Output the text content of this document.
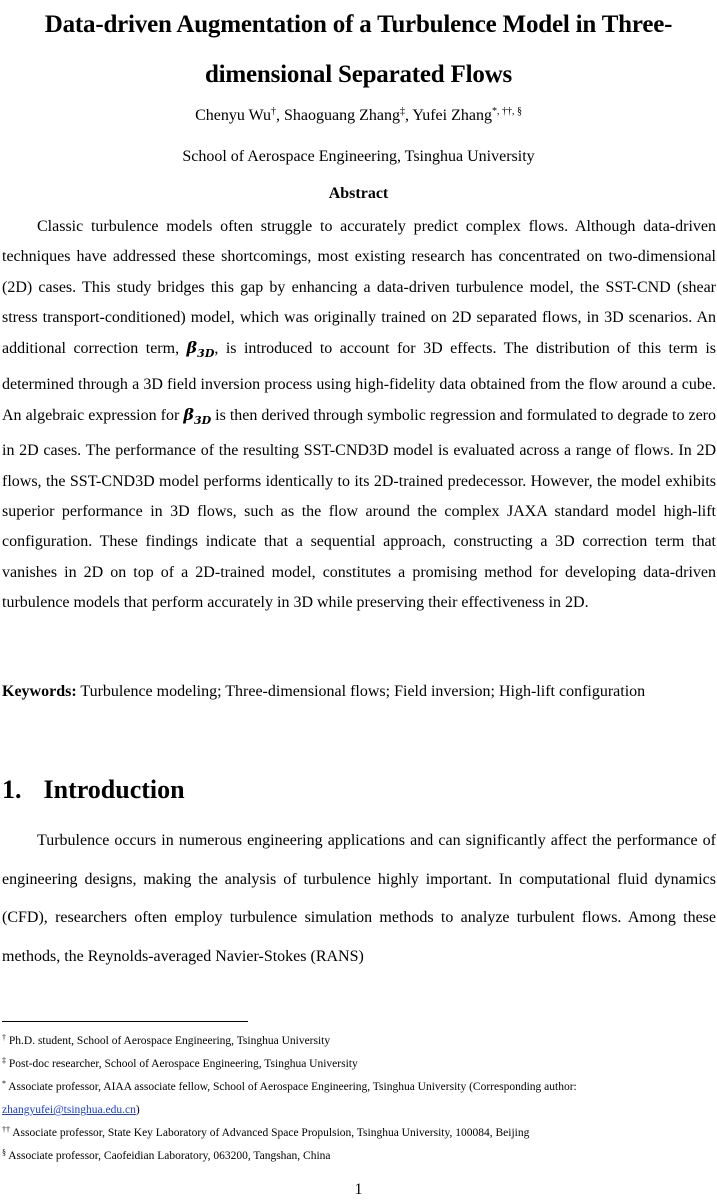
Data-driven Augmentation of a Turbulence Model in Three-
dimensional Separated Flows
Chenyu Wu†, Shaoguang Zhang‡, Yufei Zhang*, ††, §
School of Aerospace Engineering, Tsinghua University
Abstract

Classic turbulence models often struggle to accurately predict complex flows. Although data-driven techniques have addressed these shortcomings, most existing research has concentrated on two-dimensional (2D) cases. This study bridges this gap by enhancing a data-driven turbulence model, the SST-CND (shear stress transport-conditioned) model, which was originally trained on 2D separated flows, in 3D scenarios. An additional correction term, $\beta_{3D}$, is introduced to account for 3D effects. The distribution of this term is determined through a 3D field inversion process using high-fidelity data obtained from the flow around a cube. An algebraic expression for $\beta_{3D}$ is then derived through symbolic regression and formulated to degrade to zero in 2D cases. The performance of the resulting SST-CND3D model is evaluated across a range of flows. In 2D flows, the SST-CND3D model performs identically to its 2D-trained predecessor. However, the model exhibits superior performance in 3D flows, such as the flow around the complex JAXA standard model high-lift configuration. These findings indicate that a sequential approach, constructing a 3D correction term that vanishes in 2D on top of a 2D-trained model, constitutes a promising method for developing data-driven turbulence models that perform accurately in 3D while preserving their effectiveness in 2D.

Keywords: Turbulence modeling; Three-dimensional flows; Field inversion; High-lift configuration

1. Introduction

Turbulence occurs in numerous engineering applications and can significantly affect the performance of engineering designs, making the analysis of turbulence highly important. In computational fluid dynamics (CFD), researchers often employ turbulence simulation methods to analyze turbulent flows. Among these methods, the Reynolds-averaged Navier-Stokes (RANS)

† Ph.D. student, School of Aerospace Engineering, Tsinghua University
‡ Post-doc researcher, School of Aerospace Engineering, Tsinghua University
* Associate professor, AIAA associate fellow, School of Aerospace Engineering, Tsinghua University (Corresponding author:
zhangyufei@tsinghua.edu.cn)
†† Associate professor, State Key Laboratory of Advanced Space Propulsion, Tsinghua University, 100084, Beijing
§ Associate professor, Caofeidian Laboratory, 063200, Tangshan, China
1
